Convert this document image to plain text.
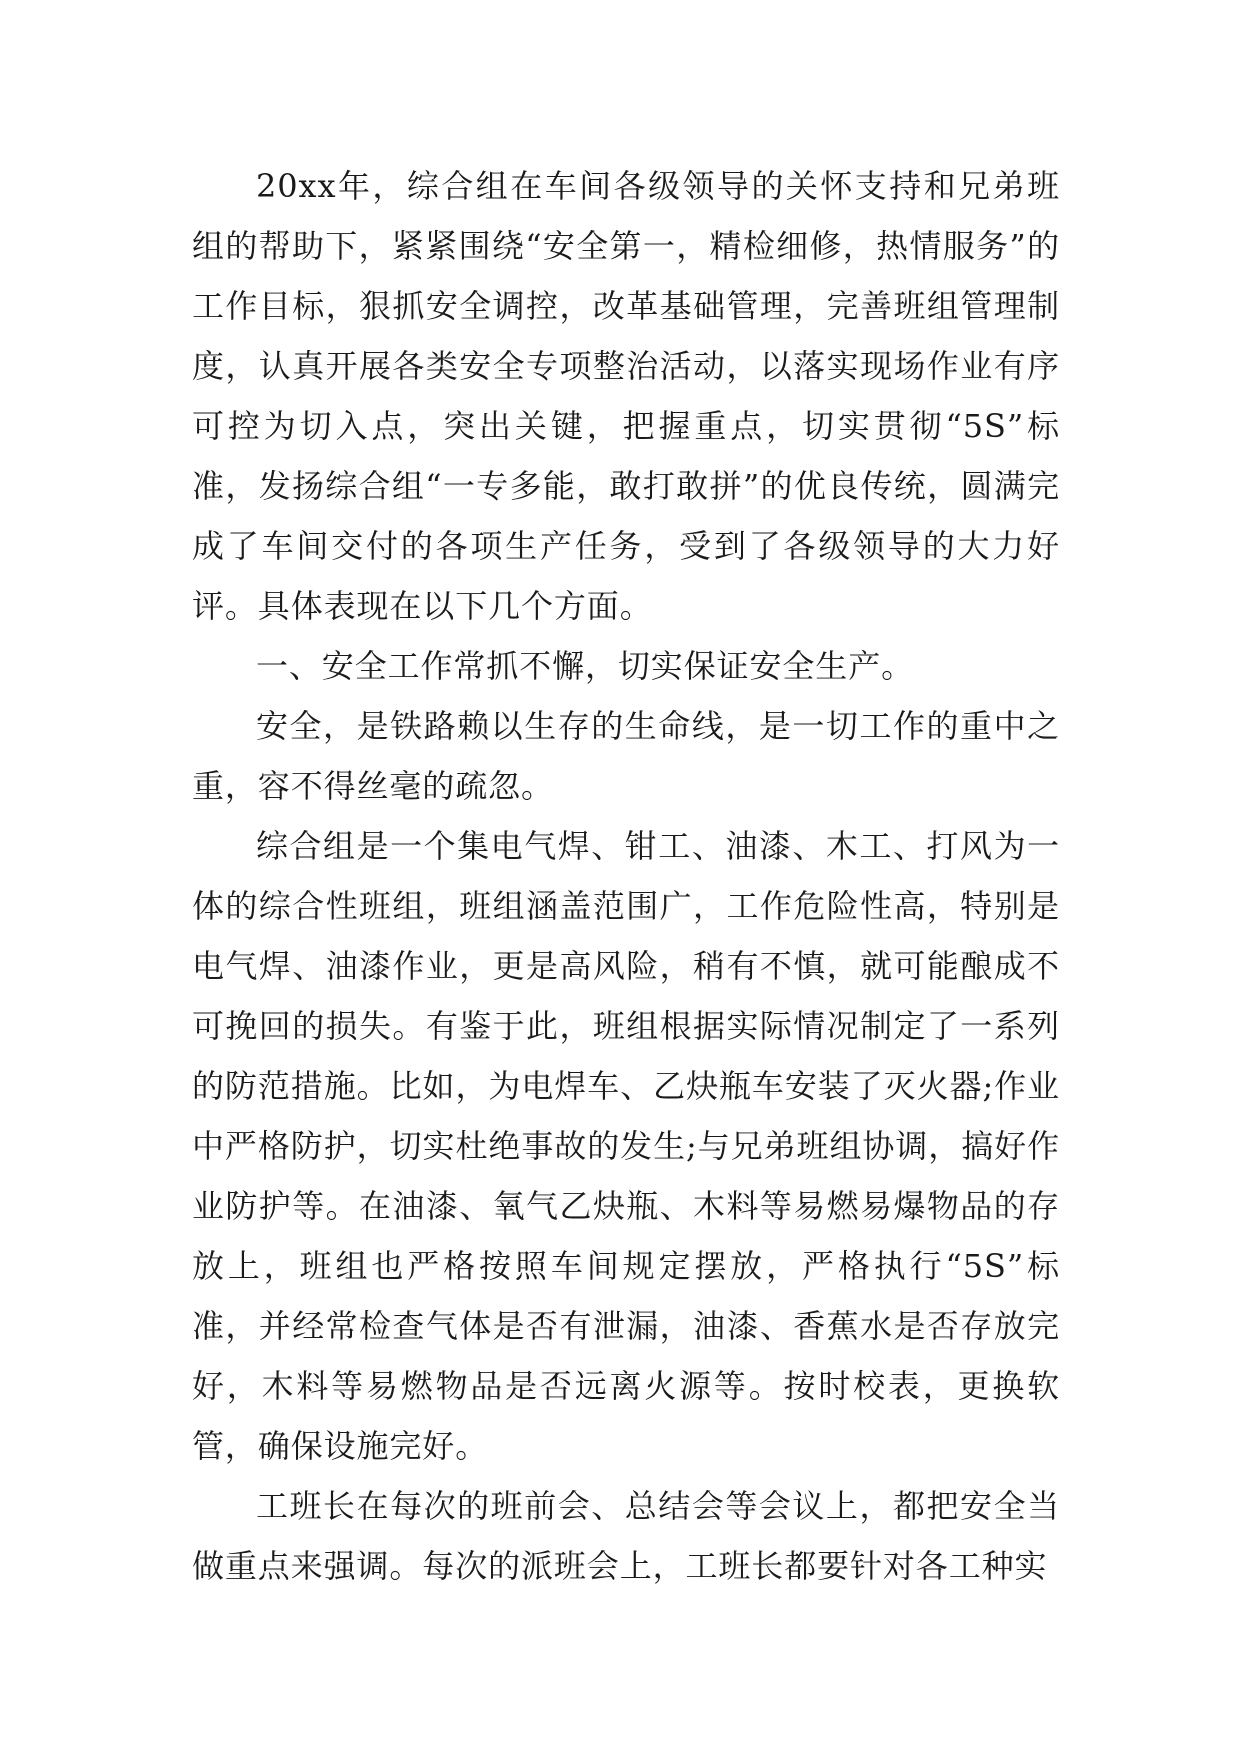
20xx年，综合组在车间各级领导的关怀支持和兄弟班组的帮助下，紧紧围绕“安全第一，精检细修，热情服务”的工作目标，狠抓安全调控，改革基础管理，完善班组管理制度，认真开展各类安全专项整治活动，以落实现场作业有序可控为切入点，突出关键，把握重点，切实贯彻“5S”标准，发扬综合组“一专多能，敢打敢拼”的优良传统，圆满完成了车间交付的各项生产任务，受到了各级领导的大力好评。具体表现在以下几个方面。

一、安全工作常抓不懈，切实保证安全生产。

安全，是铁路赖以生存的生命线，是一切工作的重中之重，容不得丝毫的疏忽。

综合组是一个集电气焊、钳工、油漆、木工、打风为一体的综合性班组，班组涵盖范围广，工作危险性高，特别是电气焊、油漆作业，更是高风险，稍有不慎，就可能酿成不可挽回的损失。有鉴于此，班组根据实际情况制定了一系列的防范措施。比如，为电焊车、乙炔瓶车安装了灭火器;作业中严格防护，切实杜绝事故的发生;与兄弟班组协调，搞好作业防护等。在油漆、氧气乙炔瓶、木料等易燃易爆物品的存放上，班组也严格按照车间规定摆放，严格执行“5S”标准，并经常检查气体是否有泄漏，油漆、香蕉水是否存放完好，木料等易燃物品是否远离火源等。按时校表，更换软管，确保设施完好。

工班长在每次的班前会、总结会等会议上，都把安全当做重点来强调。每次的派班会上，工班长都要针对各工种实
